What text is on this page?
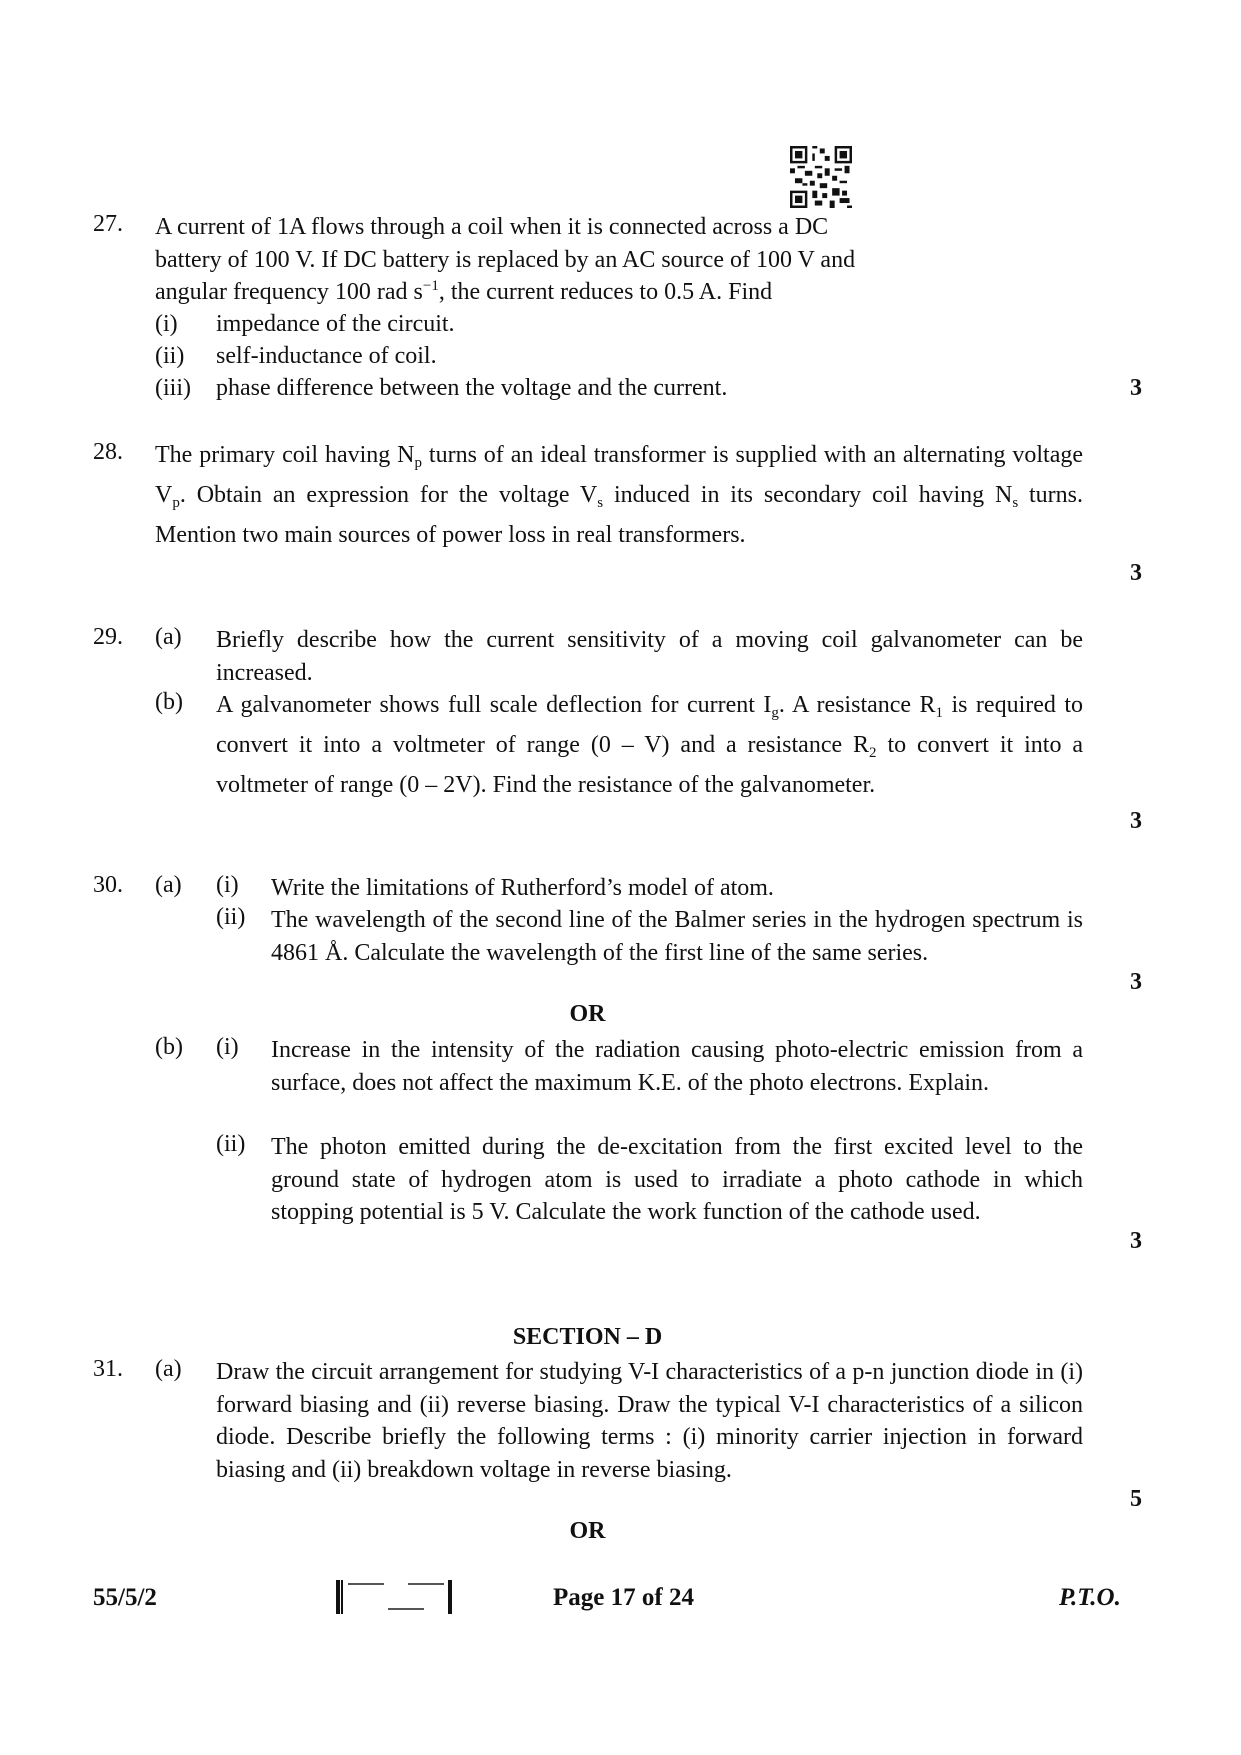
27. A current of 1A flows through a coil when it is connected across a DC
battery of 100 V. If DC battery is replaced by an AC source of 100 V and
angular frequency 100 rad $s^{-1}$, the current reduces to 0.5 A. Find
(i) impedance of the circuit.
(ii) self-inductance of coil.
(iii) phase difference between the voltage and the current.	3
28. The primary coil having $N_p$ turns of an ideal transformer is supplied with an alternating voltage $V_p$. Obtain an expression for the voltage $V_s$ induced in its secondary coil having $N_s$ turns. Mention two main sources of power loss in real transformers.
3
29. (a) Briefly describe how the current sensitivity of a moving coil galvanometer can be increased.
(b) A galvanometer shows full scale deflection for current $I_g$. A resistance $R_1$ is required to convert it into a voltmeter of range (0 – V) and a resistance $R_2$ to convert it into a voltmeter of range (0 – 2V). Find the resistance of the galvanometer.
3
30. (a) (i) Write the limitations of Rutherford’s model of atom.
(ii) The wavelength of the second line of the Balmer series in the hydrogen spectrum is 4861 Å. Calculate the wavelength of the first line of the same series.
3
OR
(b) (i) Increase in the intensity of the radiation causing photo-electric emission from a surface, does not affect the maximum K.E. of the photo electrons. Explain.
(ii) The photon emitted during the de-excitation from the first excited level to the ground state of hydrogen atom is used to irradiate a photo cathode in which stopping potential is 5 V. Calculate the work function of the cathode used.
3
SECTION – D
31. (a) Draw the circuit arrangement for studying V-I characteristics of a p-n junction diode in (i) forward biasing and (ii) reverse biasing. Draw the typical V-I characteristics of a silicon diode. Describe briefly the following terms : (i) minority carrier injection in forward biasing and (ii) breakdown voltage in reverse biasing.
5
OR
55/5/2	Page 17 of 24	P.T.O.
